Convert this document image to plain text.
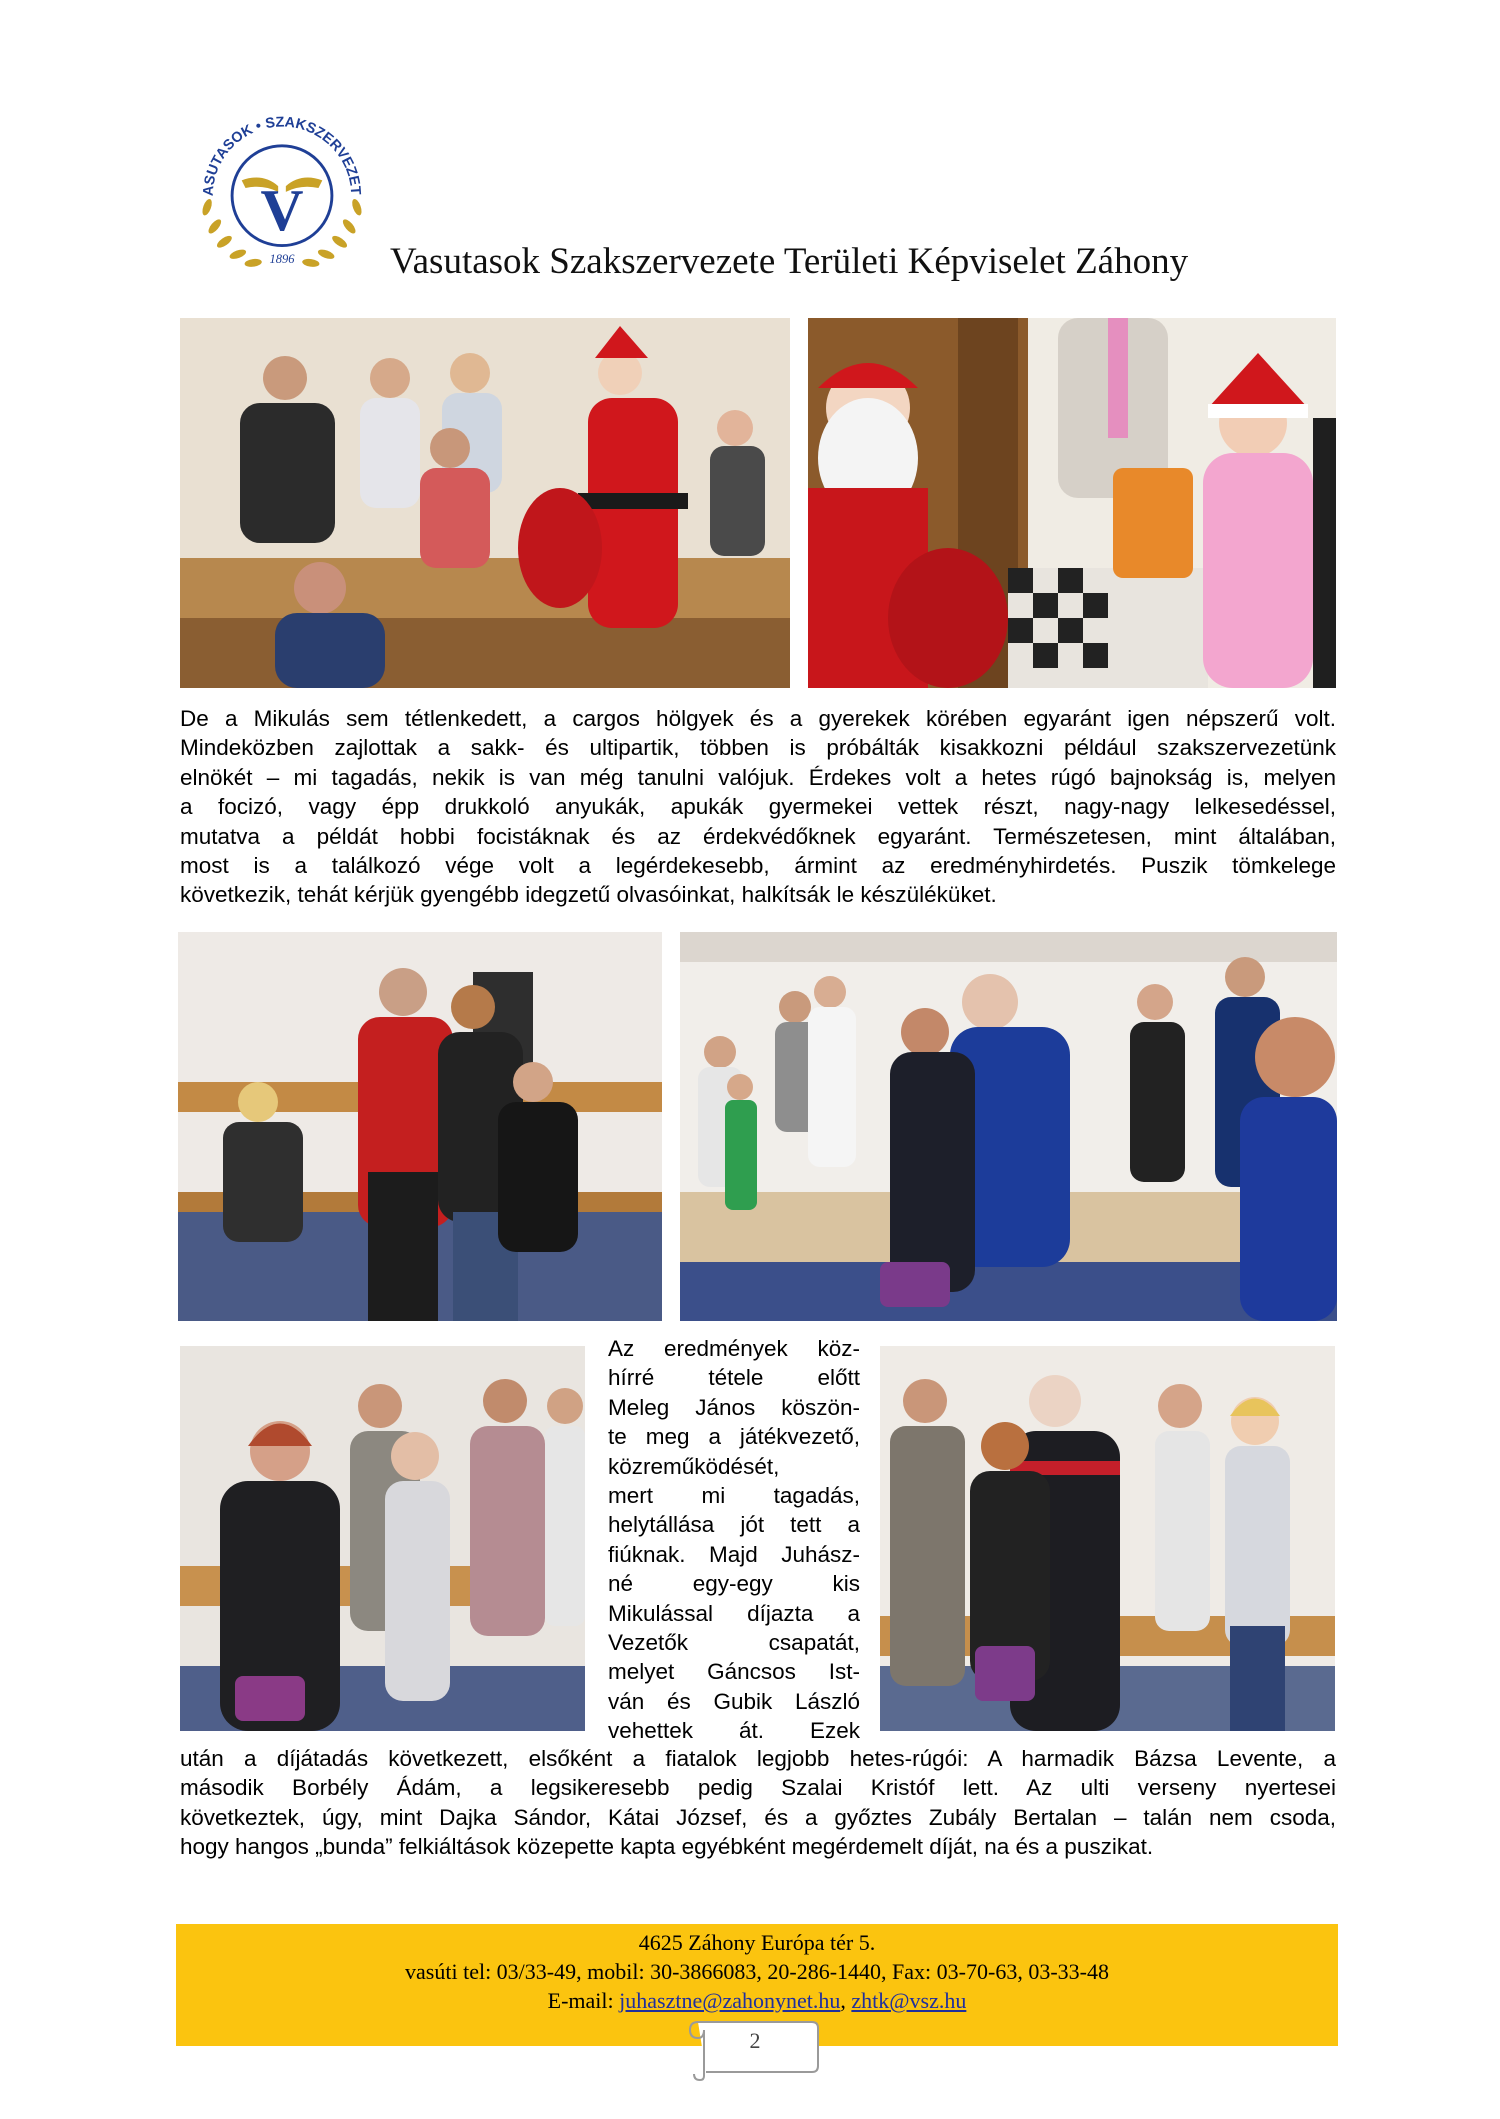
ASUTASOK • SZAKSZERVEZET
V
1896	Vasutasok Szakszervezete Területi Képviselet Záhony
De a Mikulás sem tétlenkedett, a cargos hölgyek és a gyerekek körében egyaránt igen népszerű volt.
Mindeközben zajlottak a sakk- és ultipartik, többen is próbálták kisakkozni például szakszervezetünk
elnökét – mi tagadás, nekik is van még tanulni valójuk. Érdekes volt a hetes rúgó bajnokság is, melyen
a focizó, vagy épp drukkoló anyukák, apukák gyermekei vettek részt, nagy-nagy lelkesedéssel,
mutatva a példát hobbi focistáknak és az érdekvédőknek egyaránt. Természetesen, mint általában,
most is a találkozó vége volt a legérdekesebb, ármint az eredményhirdetés. Puszik tömkelege
következik, tehát kérjük gyengébb idegzetű olvasóinkat, halkítsák le készüléküket.
Az eredmények köz-
hírré tétele előtt
Meleg János köszön-
te meg a játékvezető,
közreműködését,
mert mi tagadás,
helytállása jót tett a
fiúknak. Majd Juhász-
né egy-egy kis
Mikulással díjazta a
Vezetők csapatát,
melyet Gáncsos Ist-
ván és Gubik László
vehettek át. Ezek
után a díjátadás következett, elsőként a fiatalok legjobb hetes-rúgói: A harmadik Bázsa Levente, a
második Borbély Ádám, a legsikeresebb pedig Szalai Kristóf lett. Az ulti verseny nyertesei
következtek, úgy, mint Dajka Sándor, Kátai József, és a győztes Zubály Bertalan – talán nem csoda,
hogy hangos „bunda” felkiáltások közepette kapta egyébként megérdemelt díját, na és a puszikat.
4625 Záhony Európa tér 5.
vasúti tel: 03/33-49, mobil: 30-3866083, 20-286-1440, Fax: 03-70-63, 03-33-48
E-mail: juhasztne@zahonynet.hu, zhtk@vsz.hu
2
